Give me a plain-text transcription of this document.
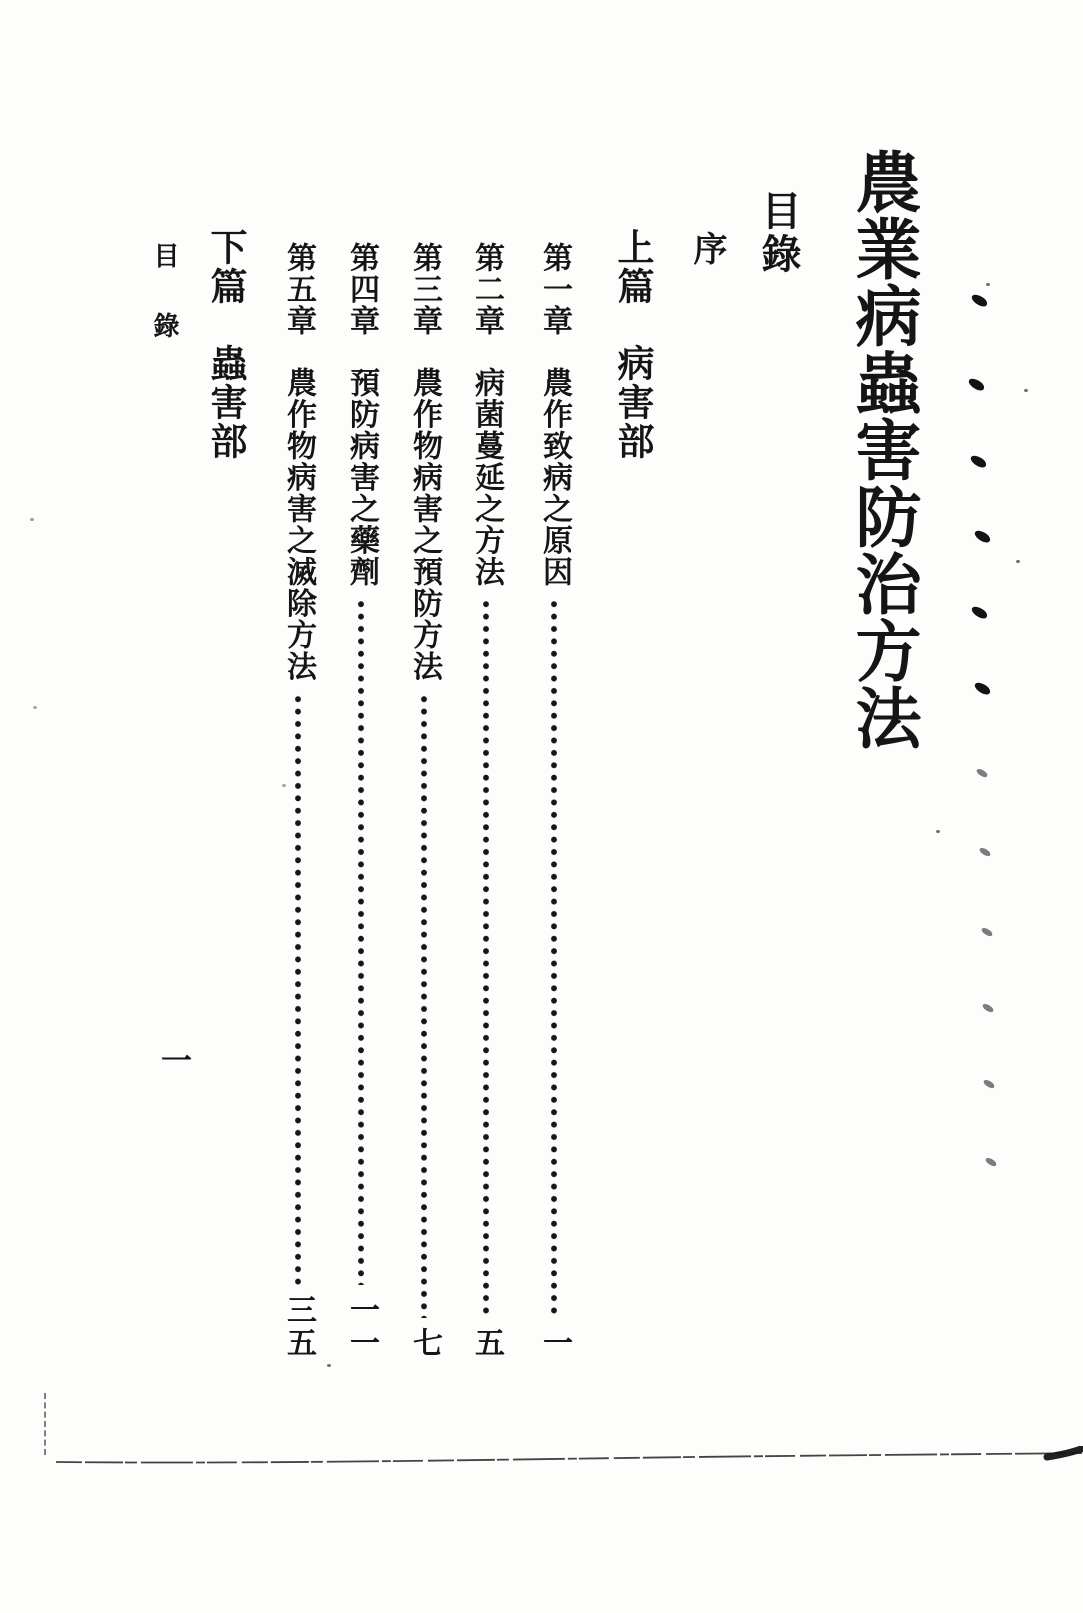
農業病蟲害防治方法
目錄
序
上篇
病害部
第一章
農作致病之原因
一
第二章
病菌蔓延之方法
五
第三章
農作物病害之預防方法
七
第四章
預防病害之藥劑
一一
第五章
農作物病害之滅除方法
三五
下篇
蟲害部
目
錄
一
